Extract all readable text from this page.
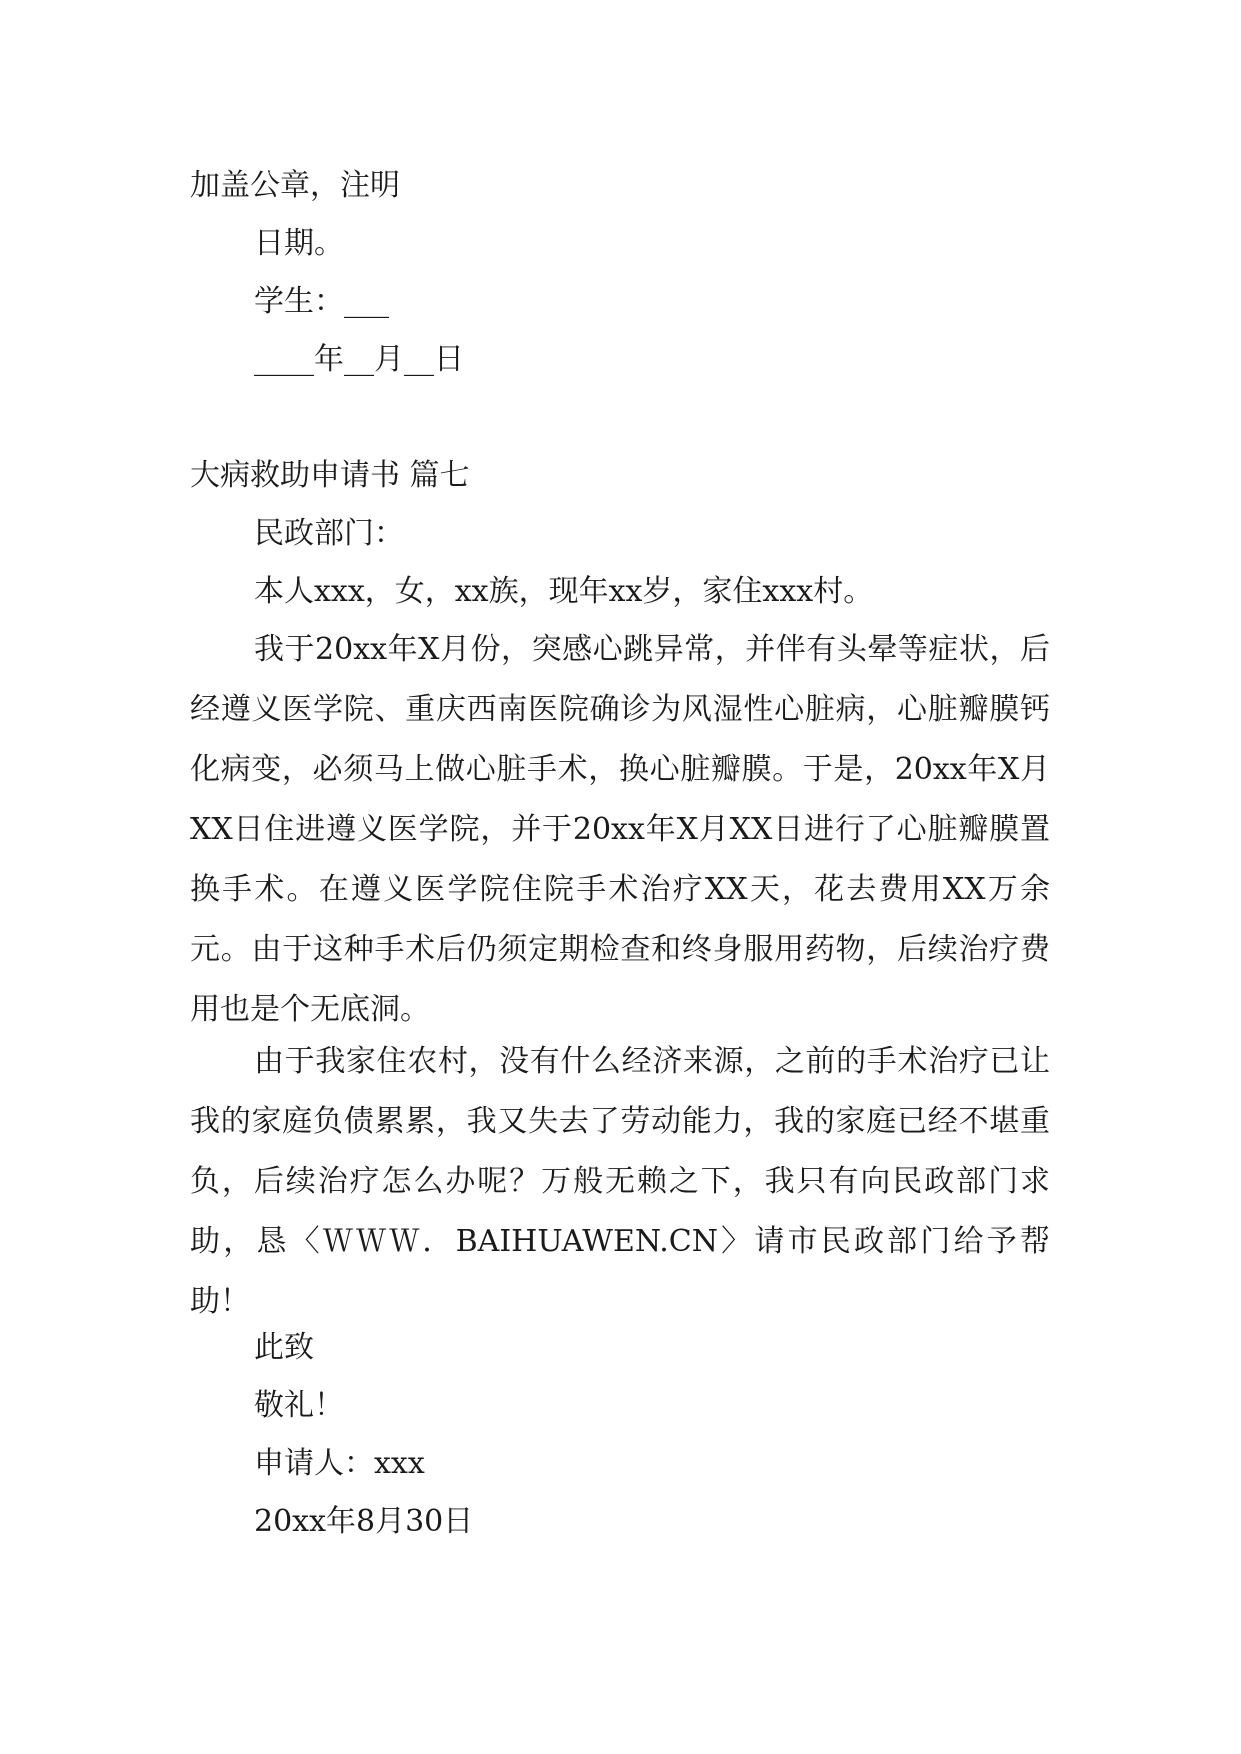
加盖公章，注明
日期。
学生：___
____年__月__日
大病救助申请书 篇七
民政部门：
本人xxx，女，xx族，现年xx岁，家住xxx村。
我于20xx年X月份，突感心跳异常，并伴有头晕等症状，后经遵义医学院、重庆西南医院确诊为风湿性心脏病，心脏瓣膜钙化病变，必须马上做心脏手术，换心脏瓣膜。于是，20xx年X月XX日住进遵义医学院，并于20xx年X月XX日进行了心脏瓣膜置换手术。在遵义医学院住院手术治疗XX天，花去费用XX万余元。由于这种手术后仍须定期检查和终身服用药物，后续治疗费用也是个无底洞。
由于我家住农村，没有什么经济来源，之前的手术治疗已让我的家庭负债累累，我又失去了劳动能力，我的家庭已经不堪重负，后续治疗怎么办呢？万般无赖之下，我只有向民政部门求助，恳〈ＷＷＷ．BAIHUAWEN.CN〉请市民政部门给予帮助！
此致
敬礼！
申请人：xxx
20xx年8月30日
